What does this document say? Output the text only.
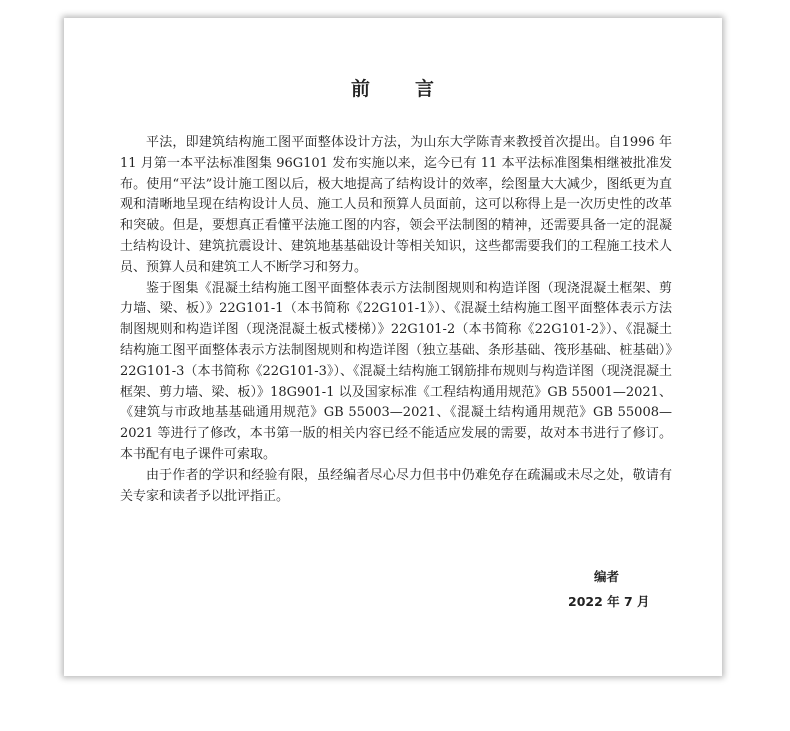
前 言

平法，即建筑结构施工图平面整体设计方法，为山东大学陈青来教授首次提出。自1996 年 11 月第一本平法标准图集 96G101 发布实施以来，迄今已有 11 本平法标准图集相继被批准发布。使用“平法”设计施工图以后，极大地提高了结构设计的效率，绘图量大大减少，图纸更为直观和清晰地呈现在结构设计人员、施工人员和预算人员面前，这可以称得上是一次历史性的改革和突破。但是，要想真正看懂平法施工图的内容，领会平法制图的精神，还需要具备一定的混凝土结构设计、建筑抗震设计、建筑地基基础设计等相关知识，这些都需要我们的工程施工技术人员、预算人员和建筑工人不断学习和努力。

鉴于图集《混凝土结构施工图平面整体表示方法制图规则和构造详图（现浇混凝土框架、剪力墙、梁、板）》22G101-1（本书简称《22G101-1》）、《混凝土结构施工图平面整体表示方法制图规则和构造详图（现浇混凝土板式楼梯）》22G101-2（本书简称《22G101-2》）、《混凝土结构施工图平面整体表示方法制图规则和构造详图（独立基础、条形基础、筏形基础、桩基础）》22G101-3（本书简称《22G101-3》）、《混凝土结构施工钢筋排布规则与构造详图（现浇混凝土框架、剪力墙、梁、板）》18G901-1 以及国家标准《工程结构通用规范》GB 55001—2021、《建筑与市政地基基础通用规范》GB 55003—2021、《混凝土结构通用规范》GB 55008—2021 等进行了修改，本书第一版的相关内容已经不能适应发展的需要，故对本书进行了修订。本书配有电子课件可索取。

由于作者的学识和经验有限，虽经编者尽心尽力但书中仍难免存在疏漏或未尽之处，敬请有关专家和读者予以批评指正。

编者
2022 年 7 月
